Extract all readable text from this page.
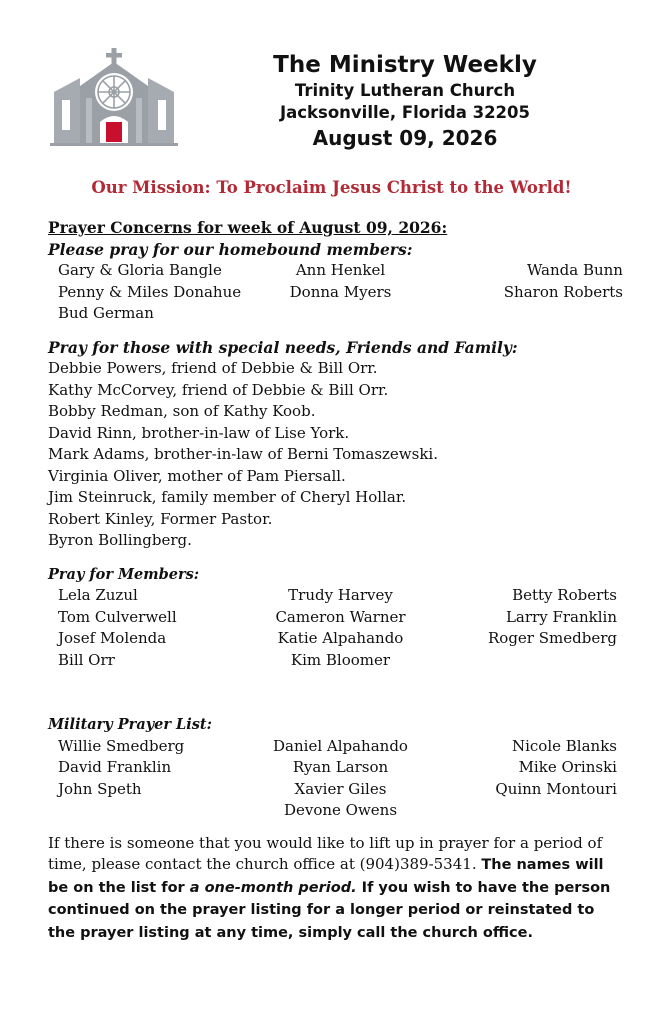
The Ministry Weekly
Trinity Lutheran Church
Jacksonville, Florida 32205
August 09, 2026
Our Mission: To Proclaim Jesus Christ to the World!
Prayer Concerns for week of August 09, 2026:
Please pray for our homebound members:
Gary & Gloria Bangle
Penny & Miles Donahue
Bud German
Ann Henkel
Donna Myers
Wanda Bunn
Sharon Roberts
Pray for those with special needs, Friends and Family:
Debbie Powers, friend of Debbie & Bill Orr.
Kathy McCorvey, friend of Debbie & Bill Orr.
Bobby Redman, son of Kathy Koob.
David Rinn, brother-in-law of Lise York.
Mark Adams, brother-in-law of Berni Tomaszewski.
Virginia Oliver, mother of Pam Piersall.
Jim Steinruck, family member of Cheryl Hollar.
Robert Kinley, Former Pastor.
Byron Bollingberg.
Pray for Members:
Lela Zuzul
Tom Culverwell
Josef Molenda
Bill Orr
Trudy Harvey
Cameron Warner
Katie Alpahando
Kim Bloomer
Betty Roberts
Larry Franklin
Roger Smedberg
Military Prayer List:
Willie Smedberg
David Franklin
John Speth
Daniel Alpahando
Ryan Larson
Xavier Giles
Devone Owens
Nicole Blanks
Mike Orinski
Quinn Montouri
If there is someone that you would like to lift up in prayer for a period of time, please contact the church office at (904)389-5341. The names will be on the list for a one-month period. If you wish to have the person continued on the prayer listing for a longer period or reinstated to the prayer listing at any time, simply call the church office.
